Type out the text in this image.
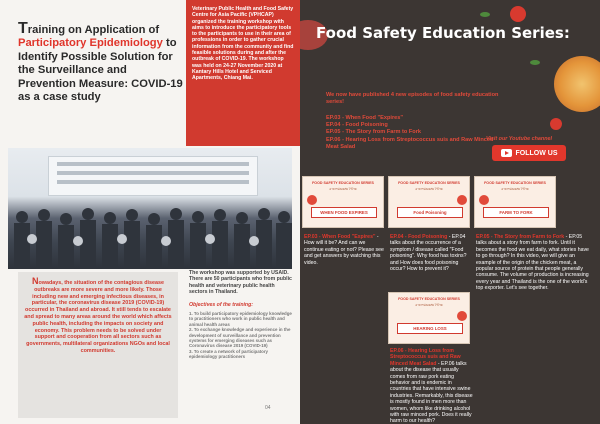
Training on Application of Participatory Epidemiology to Identify Possible Solution for the Surveillance and Prevention Measure: COVID-19 as a case study
Veterinary Public Health and Food Safety Centre for Asia Pacific (VPHCAP) organized the training workshop with aims to introduce the participatory tools to the participants to use in their area of professions in order to gather crucial information from the community and find feasible solutions during and after the outbreak of COVID-19. The workshop was held on 24-27 November 2020 at Kantary Hills Hotel and Serviced Apartments, Chiang Mai.
Nowadays, the situation of the contagious disease outbreaks are more severe and more likely. Those including new and emerging infectious diseases, in particular, the coronavirus disease 2019 (COVID-19) occurred in Thailand and abroad. It still tends to escalate and spread to many areas around the world which affects public health, including the impacts on society and economy. This problem needs to be solved under support and cooperation from all sectors such as governments, multilateral organizations NGOs and local communities.
The workshop was supported by USAID. There are 50 participants who from public health and veterinary public health sectors in Thailand.
Objectives of the training:
1. To build participatory epidemiology knowledge to practitioners who work in public health and animal health areas
2. To exchange knowledge and experience in the development of surveillance and prevention systems for emerging diseases such as Coronavirus disease 2019 (COVID-19)
3. To create a network of participatory epidemiology practitioners
04
Food Safety Education Series:
We now have published 4 new episodes of food safety education series!
EP.03 - When Food "Expires"
EP.04 - Food Poisoning
EP.05 - The Story from Farm to Fork
EP.06 - Hearing Loss from Streptococcus suis and Raw Minced Meat Salad
Visit our Youtube channel
FOLLOW US
FOOD SAFETY EDUCATION SERIES
อาหารปลอดภัย ไร้โรค
WHEN FOOD EXPIRES
FOOD SAFETY EDUCATION SERIES
อาหารปลอดภัย ไร้โรค
Food Poisoning
FOOD SAFETY EDUCATION SERIES
อาหารปลอดภัย ไร้โรค
FARM TO FORK
EP.03 - When Food "Expires" - How will it be? And can we continue eating or not? Please see and get answers by watching this video.
EP.04 - Food Poisoning - EP.04 talks about the occurrence of a symptom / disease called "Food poisoning". Why food has toxins? and How does food poisoning occur? How to prevent it?
EP.05 - The Story from Farm to Fork - EP.05 talks about a story from farm to fork. Until it becomes the food we eat daily, what stories have to go through? In this video, we will give an example of the origin of the chicken meat, a popular source of protein that people generally consume. The volume of production is increasing every year and Thailand is the one of the world's top exporter. Let's see together.
FOOD SAFETY EDUCATION SERIES
อาหารปลอดภัย ไร้โรค
HEARING LOSS
EP.06 - Hearing Loss from Streptococcus suis and Raw Minced Meat Salad - EP.06 talks about the disease that usually comes from raw pork eating behavior and is endemic in countries that have intensive swine industries. Remarkably, this disease is mostly found in men more than women, whom like drinking alcohol with raw minced pork. Does it really harm to our health?
